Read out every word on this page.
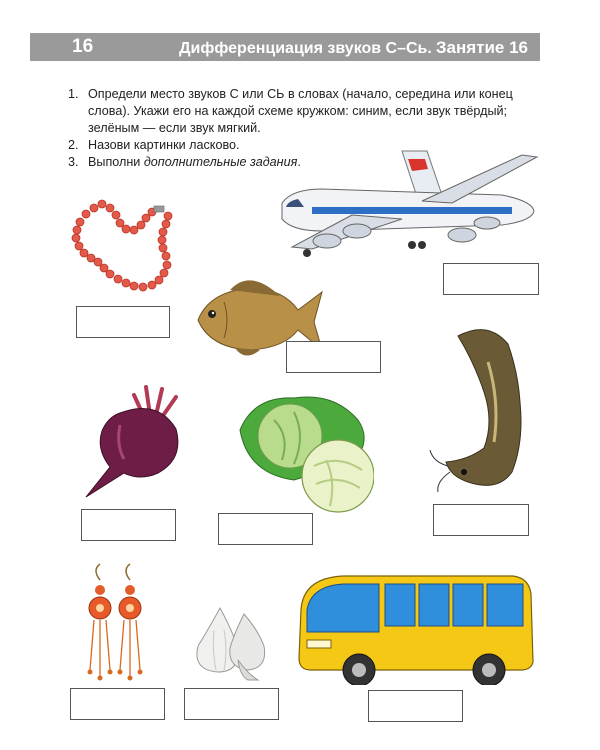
16	Дифференциация звуков С–Сь. Занятие 16
1. Определи место звуков С или СЬ в словах (начало, середина или конец слова). Укажи его на каждой схеме кружком: синим, если звук твёрдый; зелёным — если звук мягкий.
2. Назови картинки ласково.
3. Выполни дополнительные задания.
